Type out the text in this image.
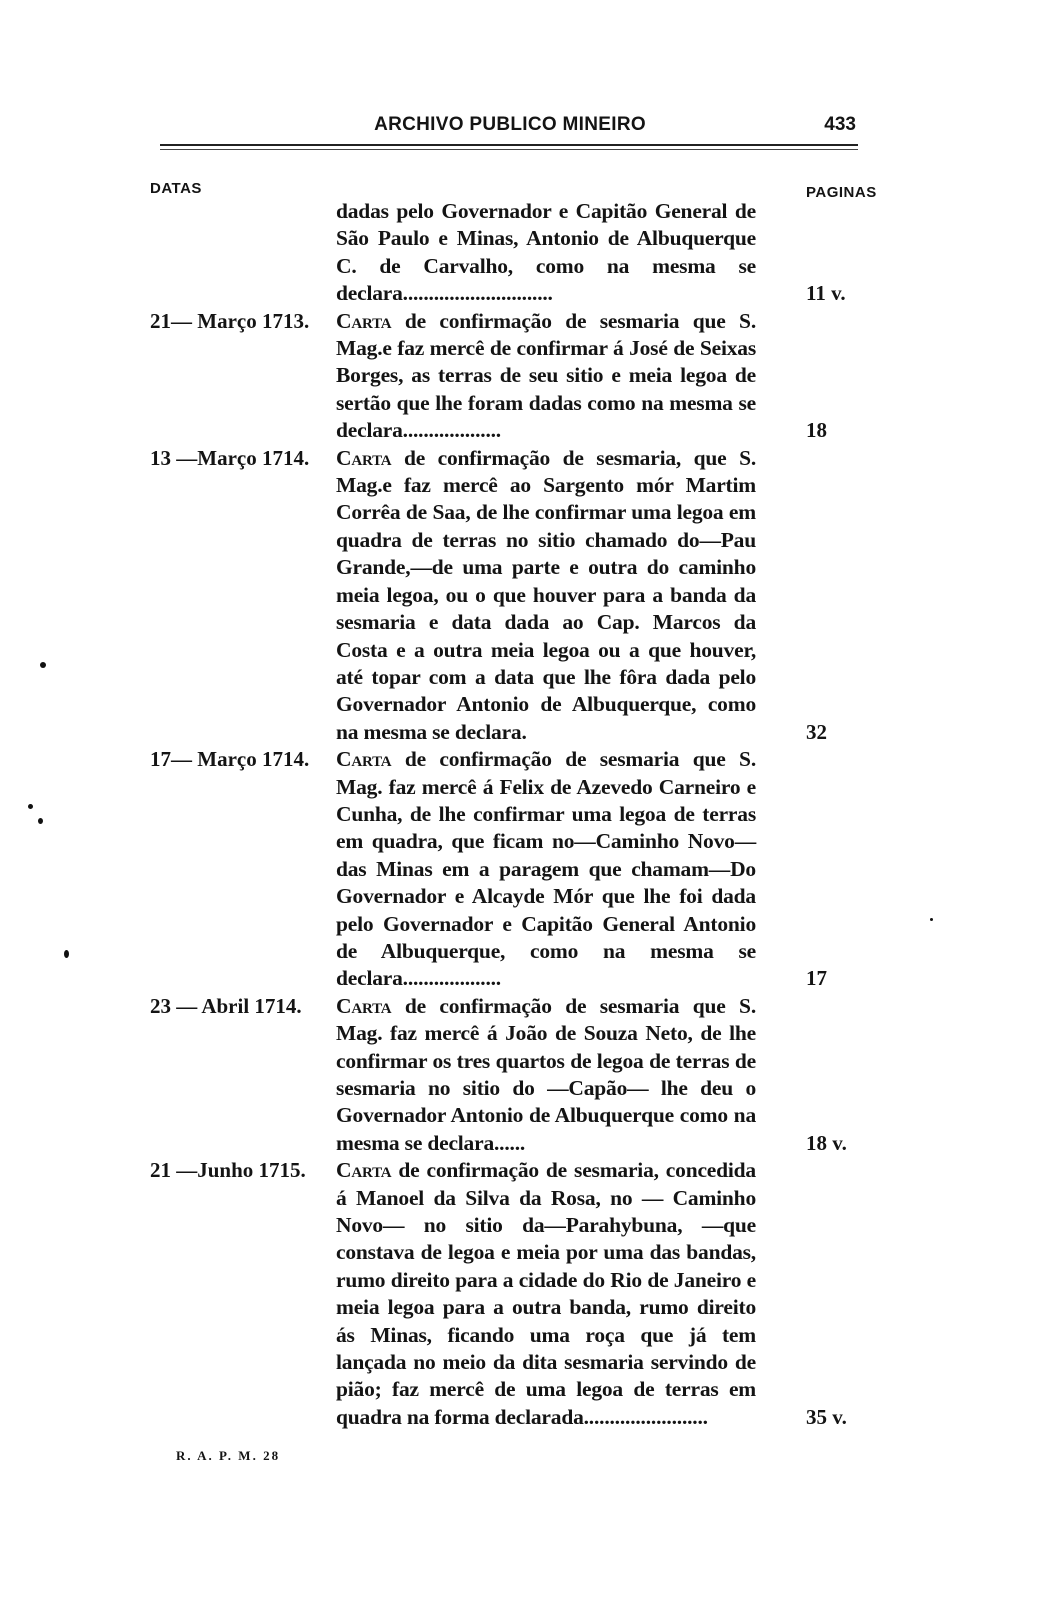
ARCHIVO PUBLICO MINEIRO	433
DATAS	PAGINAS
dadas pelo Governador e Capitão General de São Paulo e Minas, Antonio de Albuquerque C. de Carvalho, como na mesma se declara.............................	11 v.
21— Março 1713.	Carta de confirmação de sesmaria que S. Mag.e faz mercê de confirmar á José de Seixas Borges, as terras de seu sitio e meia legoa de sertão que lhe foram dadas como na mesma se declara...................	18
13 —Março 1714.	Carta de confirmação de sesmaria, que S. Mag.e faz mercê ao Sargento mór Martim Corrêa de Saa, de lhe confirmar uma legoa em quadra de terras no sitio chamado do—Pau Grande,—de uma parte e outra do caminho meia legoa, ou o que houver para a banda da sesmaria e data dada ao Cap. Marcos da Costa e a outra meia legoa ou a que houver, até topar com a data que lhe fôra dada pelo Governador Antonio de Albuquerque, como na mesma se declara.	32
17— Março 1714.	Carta de confirmação de sesmaria que S. Mag. faz mercê á Felix de Azevedo Carneiro e Cunha, de lhe confirmar uma legoa de terras em quadra, que ficam no—Caminho Novo— das Minas em a paragem que chamam—Do Governador e Alcayde Mór que lhe foi dada pelo Governador e Capitão General Antonio de Albuquerque, como na mesma se declara...................	17
23 — Abril 1714.	Carta de confirmação de sesmaria que S. Mag. faz mercê á João de Souza Neto, de lhe confirmar os tres quartos de legoa de terras de sesmaria no sitio do —Capão— lhe deu o Governador Antonio de Albuquerque como na mesma se declara......	18 v.
21 —Junho 1715.	Carta de confirmação de sesmaria, concedida á Manoel da Silva da Rosa, no — Caminho Novo— no sitio da—Parahybuna, —que constava de legoa e meia por uma das bandas, rumo direito para a cidade do Rio de Janeiro e meia legoa para a outra banda, rumo direito ás Minas, ficando uma roça que já tem lançada no meio da dita sesmaria servindo de pião; faz mercê de uma legoa de terras em quadra na forma declarada........................	35 v.
R. A. P. M. 28
